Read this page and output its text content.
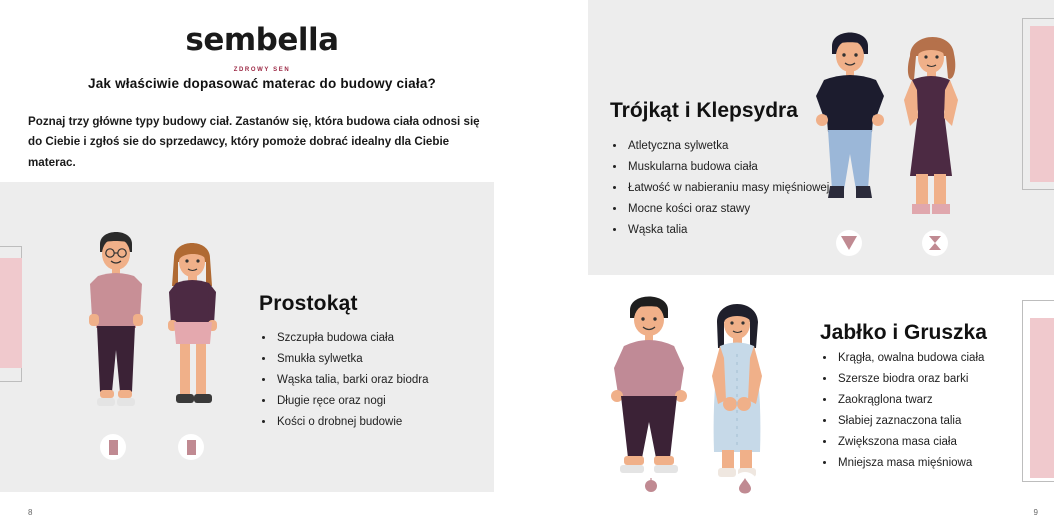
sembella
ZDROWY SEN
Jak właściwie dopasować materac do budowy ciała?
Poznaj trzy główne typy budowy ciał. Zastanów się, która budowa ciała odnosi się do Ciebie i zgłoś sie do sprzedawcy, który pomoże dobrać idealny dla Ciebie materac.
Prostokąt
• Szczupła budowa ciała
• Smukła sylwetka
• Wąska talia, barki oraz biodra
• Długie ręce oraz nogi
• Kości o drobnej budowie
8
Trójkąt i Klepsydra
• Atletyczna sylwetka
• Muskularna budowa ciała
• Łatwość w nabieraniu masy mięśniowej
• Mocne kości oraz stawy
• Wąska talia
Jabłko i Gruszka
• Krągła, owalna budowa ciała
• Szersze biodra oraz barki
• Zaokrąglona twarz
• Słabiej zaznaczona talia
• Zwiększona masa ciała
• Mniejsza masa mięśniowa
9
